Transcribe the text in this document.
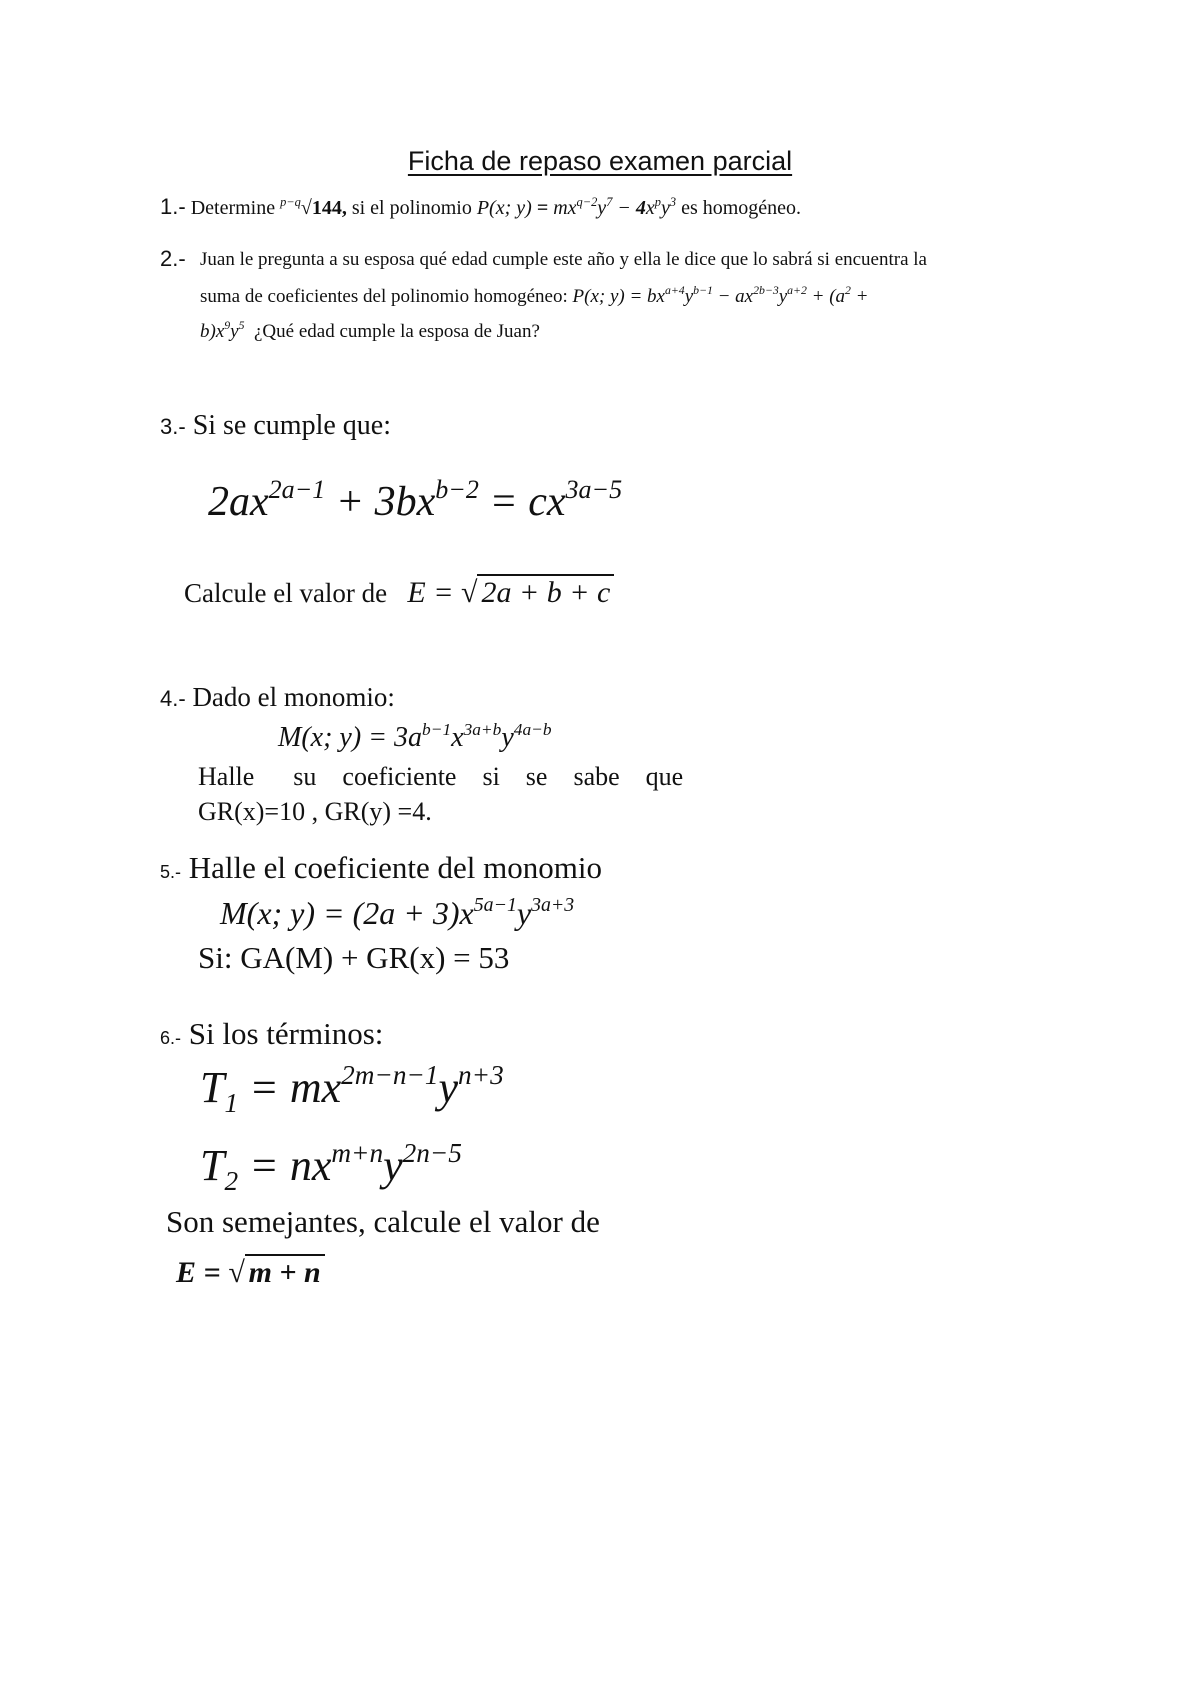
Ficha de repaso examen parcial
1.- Determine $^{p-q}$√144, si el polinomio P(x; $y) = mx^{q-2}y^7 - 4x^py^3$ es homogéneo.
2.- Juan le pregunta a su esposa qué edad cumple este año y ella le dice que lo sabrá si encuentra la
suma de coeficientes del polinomio homogéneo: P(x; $y) = bx^{a+4}y^{b-1} - ax^{2b-3}y^{a+2} + (a^2$ +
$b)x^9y^5$ ¿Qué edad cumple la esposa de Juan?
3.- Si se cumple que:
$2ax^{2a-1} + 3bx^{b-2} = cx^{3a-5}$
Calcule el valor de E = √ 2a + b + c
4.- Dado el monomio:
M(x; $y) = 3a^{b-1}x^{3a+b}y^{4a-b}$
Halle      su    coeficiente    si    se    sabe    que
GR(x)=10 , GR(y) =4.
5.- Halle el coeficiente del monomio
M(x; $y) = (2a + 3)x^{5a-1}y^{3a+3}$
Si: GA(M) + GR(x) = 53
6.- Si los términos:
$T_1 = mx^{2m-n-1}y^{n+3}$
$T_2 = nx^{m+n}y^{2n-5}$
Son semejantes, calcule el valor de
E = √ m + n
